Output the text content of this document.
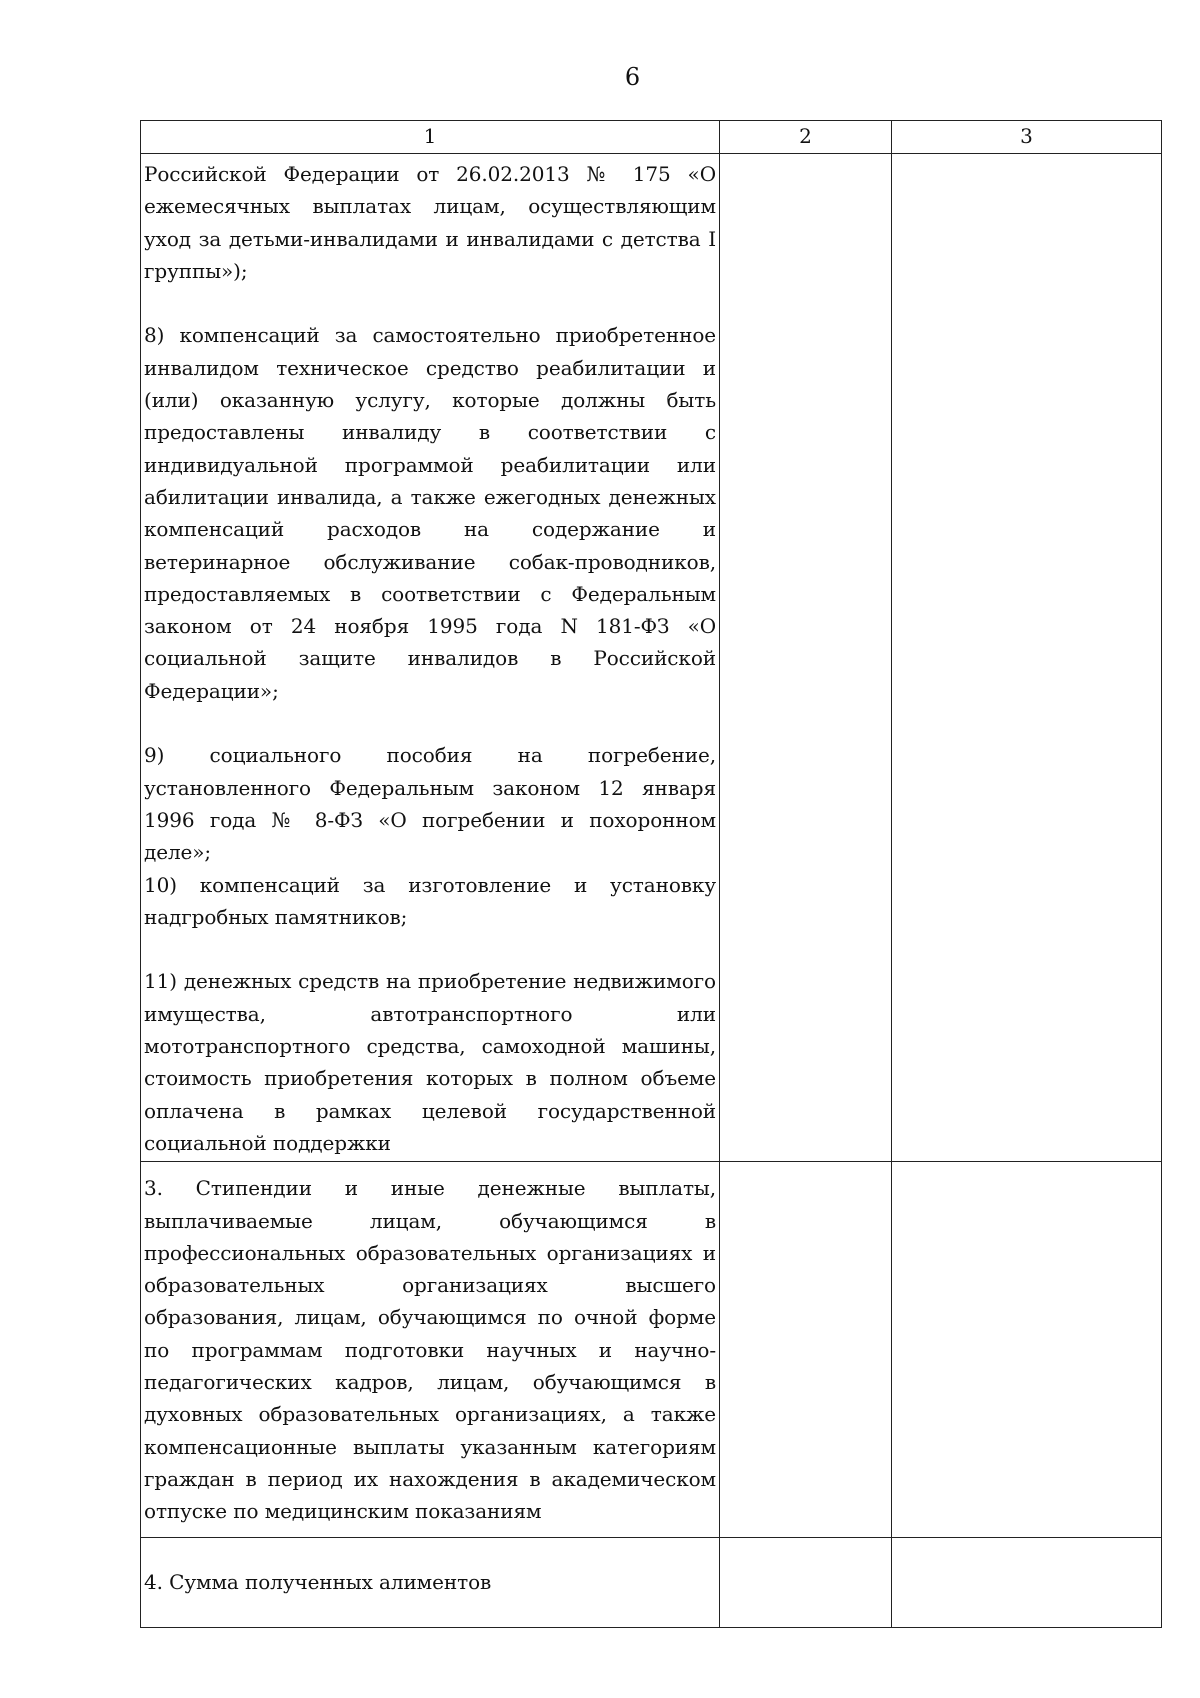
6
1	2	3

Российской Федерации от 26.02.2013 № 175 «О ежемесячных выплатах лицам, осуществляющим уход за детьми-инвалидами и инвалидами с детства I группы»);

8) компенсаций за самостоятельно приобретенное инвалидом техническое средство реабилитации и (или) оказанную услугу, которые должны быть предоставлены инвалиду в соответствии с индивидуальной программой реабилитации или абилитации инвалида, а также ежегодных денежных компенсаций расходов на содержание и ветеринарное обслуживание собак-проводников, предоставляемых в соответствии с Федеральным законом от 24 ноября 1995 года N 181-ФЗ «О социальной защите инвалидов в Российской Федерации»;

9) социального пособия на погребение, установленного Федеральным законом 12 января 1996 года № 8-ФЗ «О погребении и похоронном деле»;

10) компенсаций за изготовление и установку надгробных памятников;

11) денежных средств на приобретение недвижимого имущества, автотранспортного или мототранспортного средства, самоходной машины, стоимость приобретения которых в полном объеме оплачена в рамках целевой государственной социальной поддержки		

3. Стипендии и иные денежные выплаты, выплачиваемые лицам, обучающимся в профессиональных образовательных организациях и образовательных организациях высшего образования, лицам, обучающимся по очной форме по программам подготовки научных и научно-педагогических кадров, лицам, обучающимся в духовных образовательных организациях, а также компенсационные выплаты указанным категориям граждан в период их нахождения в академическом отпуске по медицинским показаниям		

4. Сумма полученных алиментов		
